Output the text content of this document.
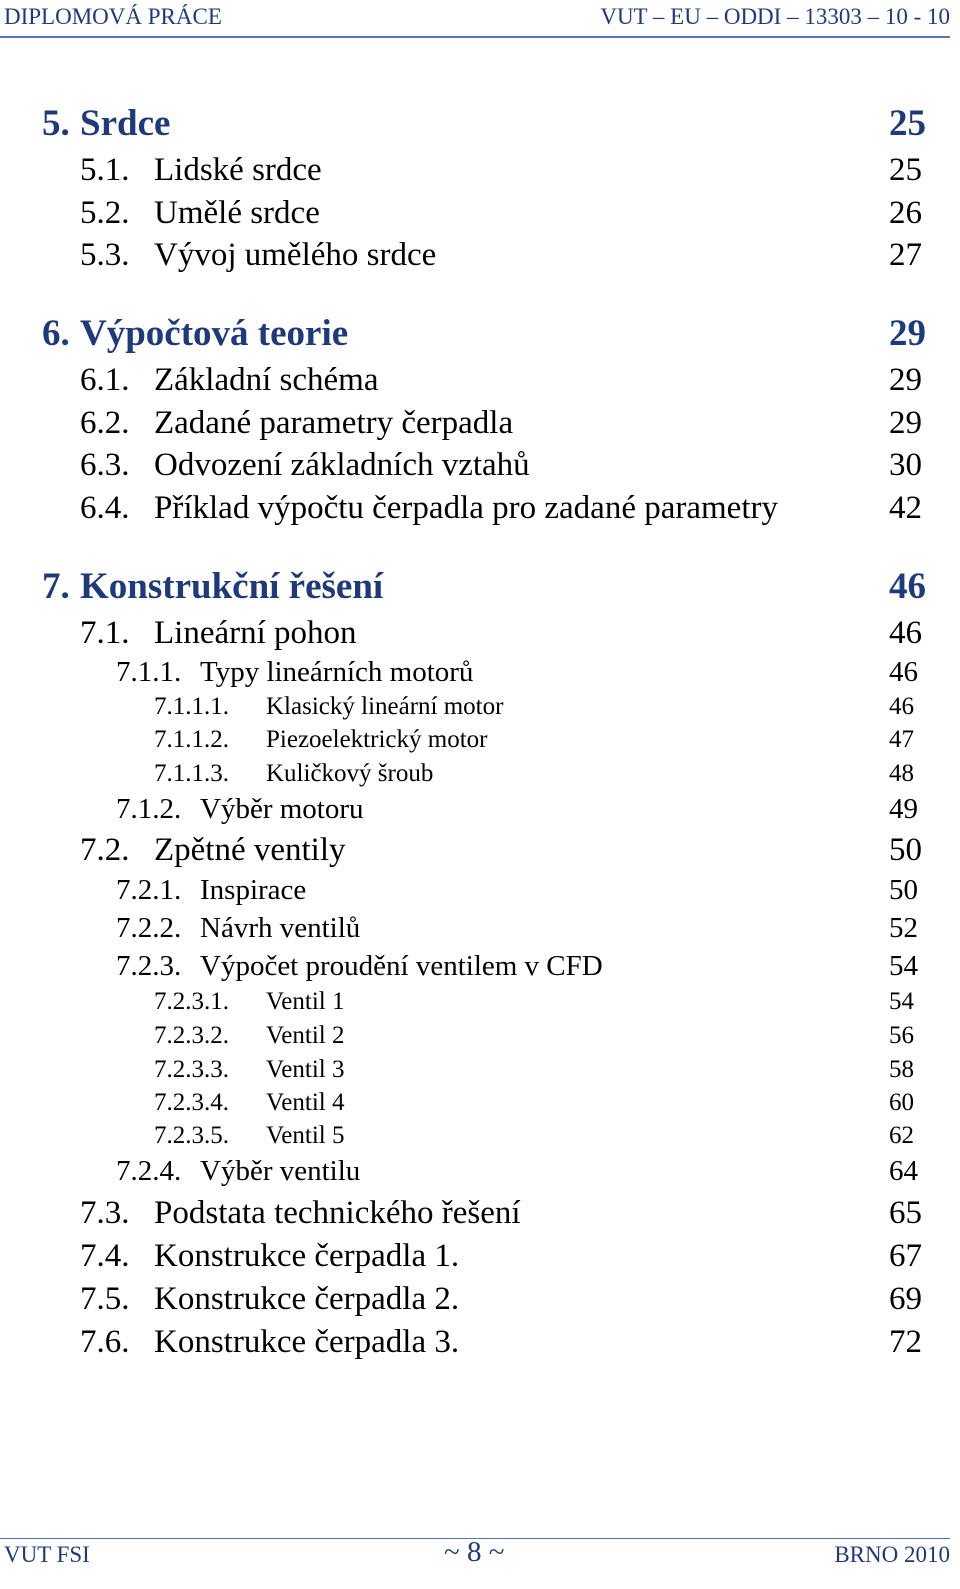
DIPLOMOVÁ PRÁCE	VUT – EU – ODDI – 13303 – 10 - 10
5. Srdce	25
5.1. Lidské srdce	25
5.2. Umělé srdce	26
5.3. Vývoj umělého srdce	27
6. Výpočtová teorie	29
6.1. Základní schéma	29
6.2. Zadané parametry čerpadla	29
6.3. Odvození základních vztahů	30
6.4. Příklad výpočtu čerpadla pro zadané parametry	42
7. Konstrukční řešení	46
7.1. Lineární pohon	46
7.1.1. Typy lineárních motorů	46
7.1.1.1. Klasický lineární motor	46
7.1.1.2. Piezoelektrický motor	47
7.1.1.3. Kuličkový šroub	48
7.1.2. Výběr motoru	49
7.2. Zpětné ventily	50
7.2.1. Inspirace	50
7.2.2. Návrh ventilů	52
7.2.3. Výpočet proudění ventilem v CFD	54
7.2.3.1. Ventil 1	54
7.2.3.2. Ventil 2	56
7.2.3.3. Ventil 3	58
7.2.3.4. Ventil 4	60
7.2.3.5. Ventil 5	62
7.2.4. Výběr ventilu	64
7.3. Podstata technického řešení	65
7.4. Konstrukce čerpadla 1.	67
7.5. Konstrukce čerpadla 2.	69
7.6. Konstrukce čerpadla 3.	72
VUT FSI	~ 8 ~	BRNO 2010
